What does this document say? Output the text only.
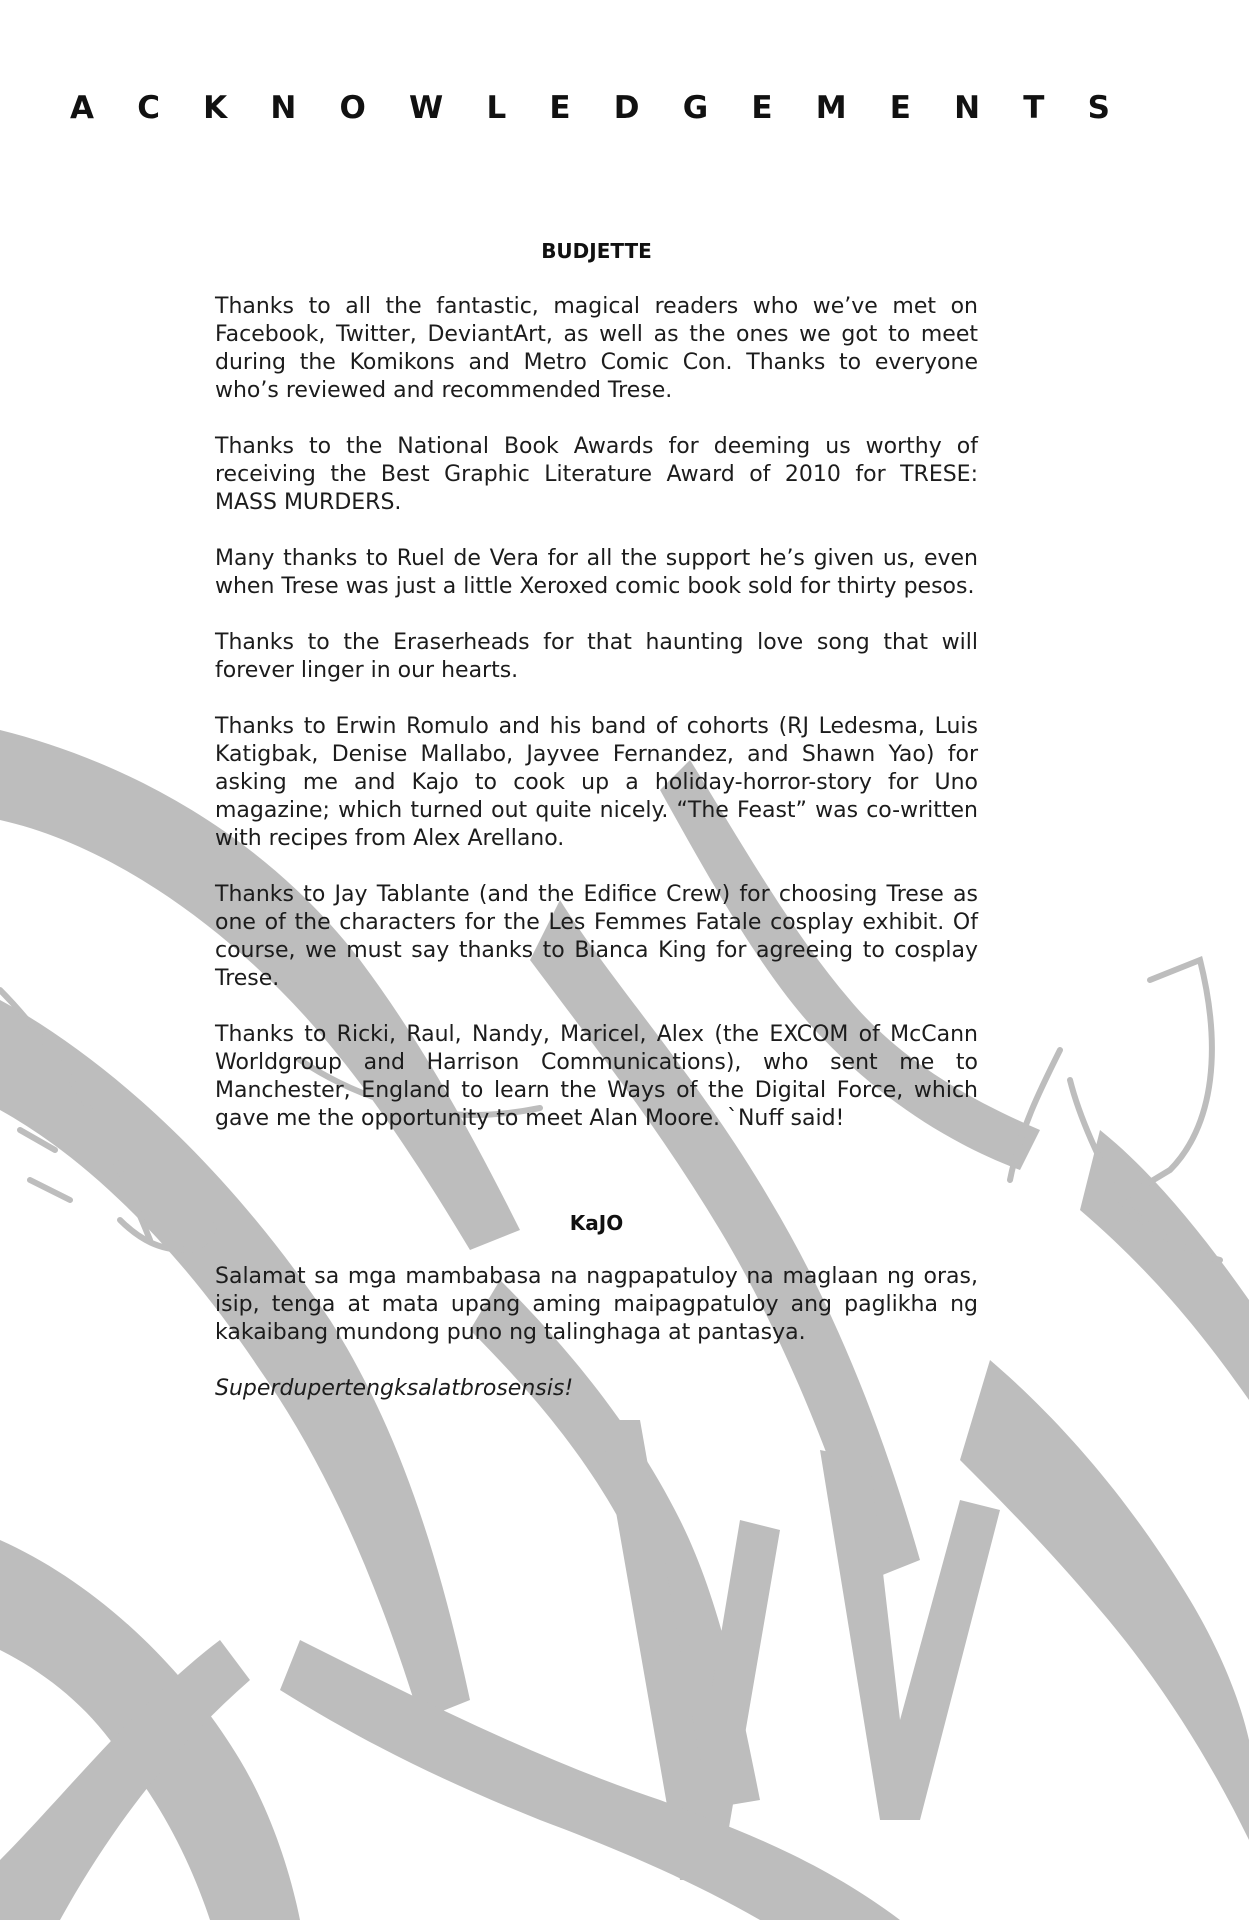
A C K N O W L E D G E M E N T S
BUDJETTE

Thanks to all the fantastic, magical readers who we’ve met on Facebook, Twitter, DeviantArt, as well as the ones we got to meet during the Komikons and Metro Comic Con. Thanks to everyone who’s reviewed and recommended Trese.

Thanks to the National Book Awards for deeming us worthy of receiving the Best Graphic Literature Award of 2010 for TRESE: MASS MURDERS.

Many thanks to Ruel de Vera for all the support he’s given us, even when Trese was just a little Xeroxed comic book sold for thirty pesos.

Thanks to the Eraserheads for that haunting love song that will forever linger in our hearts.

Thanks to Erwin Romulo and his band of cohorts (RJ Ledesma, Luis Katigbak, Denise Mallabo, Jayvee Fernandez, and Shawn Yao) for asking me and Kajo to cook up a holiday-horror-story for Uno magazine; which turned out quite nicely. “The Feast” was co-written with recipes from Alex Arellano.

Thanks to Jay Tablante (and the Edifice Crew) for choosing Trese as one of the characters for the Les Femmes Fatale cosplay exhibit. Of course, we must say thanks to Bianca King for agreeing to cosplay Trese.

Thanks to Ricki, Raul, Nandy, Maricel, Alex (the EXCOM of McCann Worldgroup and Harrison Communications), who sent me to Manchester, England to learn the Ways of the Digital Force, which gave me the opportunity to meet Alan Moore. `Nuff said!

KaJO

Salamat sa mga mambabasa na nagpapatuloy na maglaan ng oras, isip, tenga at mata upang aming maipagpatuloy ang paglikha ng kakaibang mundong puno ng talinghaga at pantasya.

Superdupertengksalatbrosensis!
